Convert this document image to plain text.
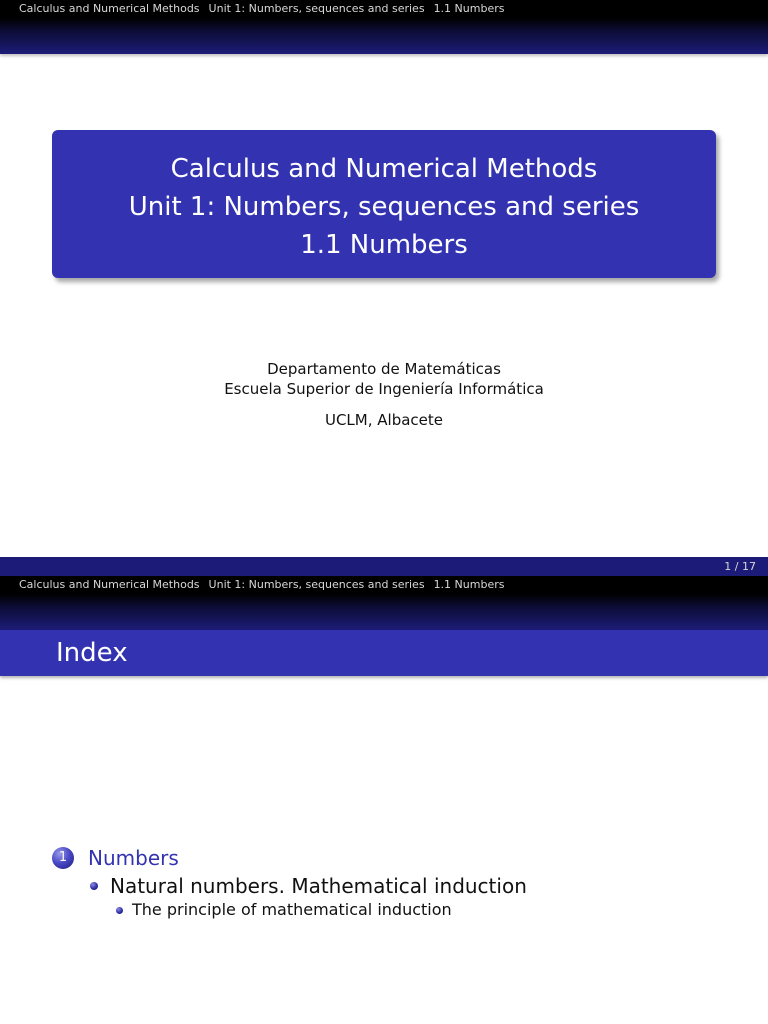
Calculus and Numerical Methods Unit 1: Numbers, sequences and series 1.1 Numbers
Calculus and Numerical Methods
Unit 1: Numbers, sequences and series
1.1 Numbers
Departamento de Matemáticas
Escuela Superior de Ingeniería Informática
UCLM, Albacete
1 / 17
Calculus and Numerical Methods Unit 1: Numbers, sequences and series 1.1 Numbers
Index
1	Numbers
Natural numbers. Mathematical induction
The principle of mathematical induction
